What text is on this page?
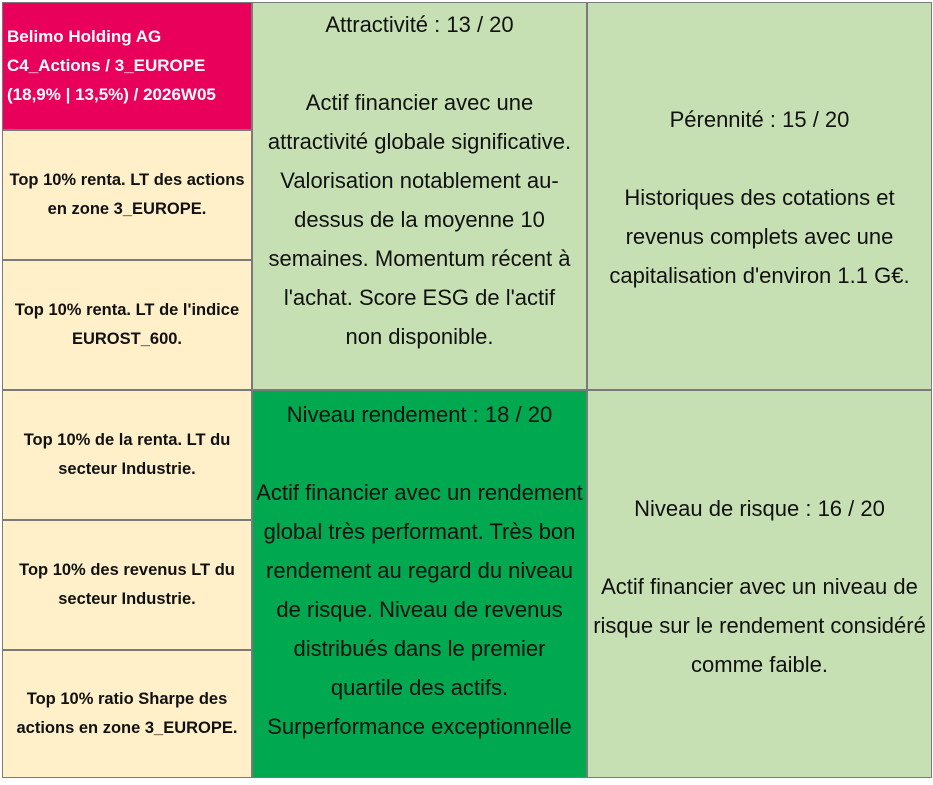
Belimo Holding AG
C4_Actions / 3_EUROPE
(18,9% | 13,5%) / 2026W05
Top 10% renta. LT des actions en zone 3_EUROPE.
Top 10% renta. LT de l'indice EUROST_600.
Top 10% de la renta. LT du secteur Industrie.
Top 10% des revenus LT du secteur Industrie.
Top 10% ratio Sharpe des actions en zone 3_EUROPE.
Attractivité : 13 / 20
Actif financier avec une attractivité globale significative. Valorisation notablement au-dessus de la moyenne 10 semaines. Momentum récent à l'achat. Score ESG de l'actif non disponible.
Pérennité : 15 / 20
Historiques des cotations et revenus complets avec une capitalisation d'environ 1.1 G€.
Niveau rendement : 18 / 20
Actif financier avec un rendement global très performant. Très bon rendement au regard du niveau de risque. Niveau de revenus distribués dans le premier quartile des actifs. Surperformance exceptionnelle
Niveau de risque : 16 / 20
Actif financier avec un niveau de risque sur le rendement considéré comme faible.
